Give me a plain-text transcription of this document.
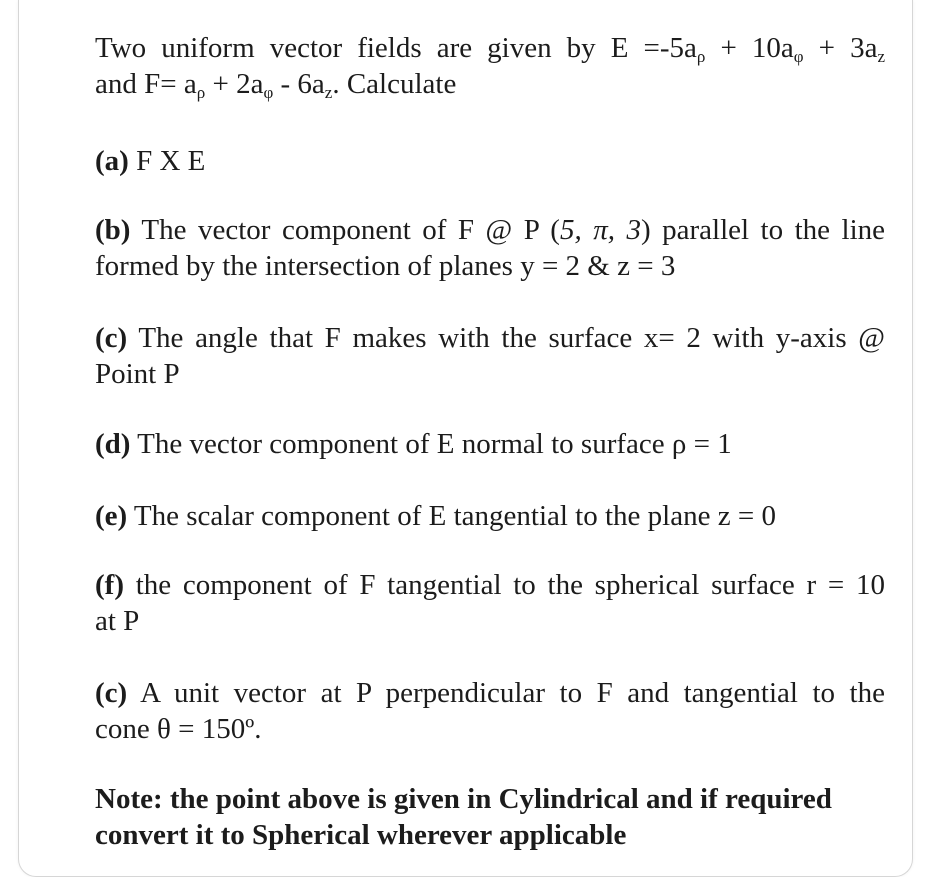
Two uniform vector fields are given by $E =-5a_\rho + 10a_\varphi + 3a_z$
and $F= a_\rho + 2a_\varphi - 6a_z$. Calculate
(a) F X E
(b) The vector component of F @ P (5, π, 3) parallel to the line
formed by the intersection of planes y = 2 & z = 3
(c) The angle that F makes with the surface x= 2 with y-axis @
Point P
(d) The vector component of E normal to surface ρ = 1
(e) The scalar component of E tangential to the plane z = 0
(f) the component of F tangential to the spherical surface r = 10
at P
(c) A unit vector at P perpendicular to F and tangential to the
cone θ = 150º.
Note: the point above is given in Cylindrical and if required
convert it to Spherical wherever applicable
